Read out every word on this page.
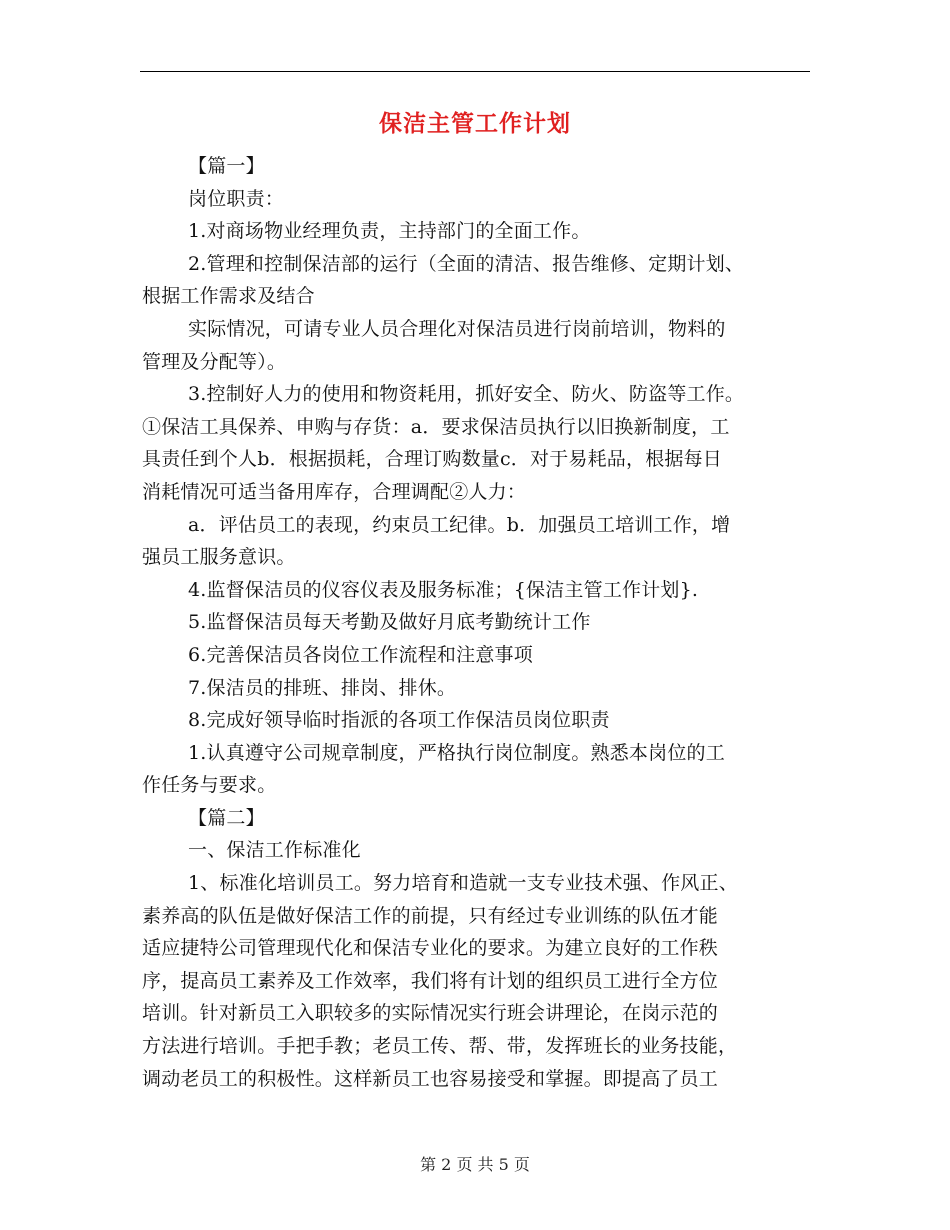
保洁主管工作计划
【篇一】
岗位职责：
1.对商场物业经理负责，主持部门的全面工作。
2.管理和控制保洁部的运行（全面的清洁、报告维修、定期计划、
根据工作需求及结合
实际情况，可请专业人员合理化对保洁员进行岗前培训，物料的
管理及分配等）。
3.控制好人力的使用和物资耗用，抓好安全、防火、防盗等工作。
①保洁工具保养、申购与存货：a．要求保洁员执行以旧换新制度，工
具责任到个人b．根据损耗，合理订购数量c．对于易耗品，根据每日
消耗情况可适当备用库存，合理调配②人力：
a．评估员工的表现，约束员工纪律。b．加强员工培训工作，增
强员工服务意识。
4.监督保洁员的仪容仪表及服务标准；{保洁主管工作计划}.
5.监督保洁员每天考勤及做好月底考勤统计工作
6.完善保洁员各岗位工作流程和注意事项
7.保洁员的排班、排岗、排休。
8.完成好领导临时指派的各项工作保洁员岗位职责
1.认真遵守公司规章制度，严格执行岗位制度。熟悉本岗位的工
作任务与要求。
【篇二】
一、保洁工作标准化
1、标准化培训员工。努力培育和造就一支专业技术强、作风正、
素养高的队伍是做好保洁工作的前提，只有经过专业训练的队伍才能
适应捷特公司管理现代化和保洁专业化的要求。为建立良好的工作秩
序，提高员工素养及工作效率，我们将有计划的组织员工进行全方位
培训。针对新员工入职较多的实际情况实行班会讲理论，在岗示范的
方法进行培训。手把手教；老员工传、帮、带，发挥班长的业务技能，
调动老员工的积极性。这样新员工也容易接受和掌握。即提高了员工
第 2 页 共 5 页
